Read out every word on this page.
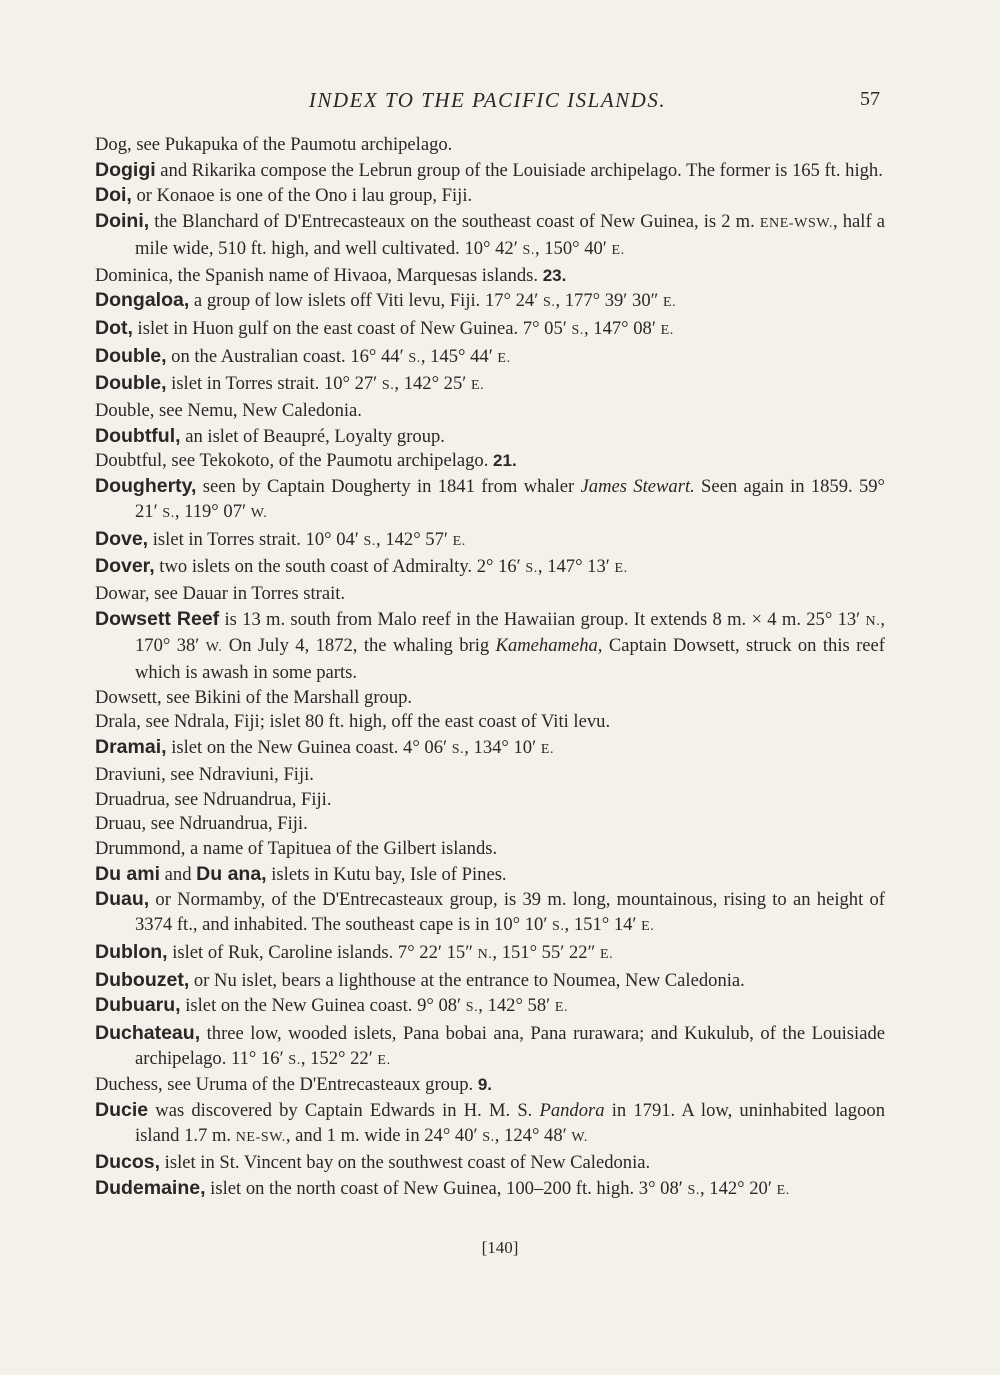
INDEX TO THE PACIFIC ISLANDS.	57

Dog, see Pukapuka of the Paumotu archipelago.

Dogigi and Rikarika compose the Lebrun group of the Louisiade archipelago. The former is 165 ft. high.

Doi, or Konaoe is one of the Ono i lau group, Fiji.

Doini, the Blanchard of D'Entrecasteaux on the southeast coast of New Guinea, is 2 m. ENE-WSW., half a mile wide, 510 ft. high, and well cultivated. 10° 42′ S., 150° 40′ E.

Dominica, the Spanish name of Hivaoa, Marquesas islands. 23.

Dongaloa, a group of low islets off Viti levu, Fiji. 17° 24′ S., 177° 39′ 30″ E.

Dot, islet in Huon gulf on the east coast of New Guinea. 7° 05′ S., 147° 08′ E.

Double, on the Australian coast. 16° 44′ S., 145° 44′ E.

Double, islet in Torres strait. 10° 27′ S., 142° 25′ E.

Double, see Nemu, New Caledonia.

Doubtful, an islet of Beaupré, Loyalty group.

Doubtful, see Tekokoto, of the Paumotu archipelago. 21.

Dougherty, seen by Captain Dougherty in 1841 from whaler James Stewart. Seen again in 1859. 59° 21′ S., 119° 07′ W.

Dove, islet in Torres strait. 10° 04′ S., 142° 57′ E.

Dover, two islets on the south coast of Admiralty. 2° 16′ S., 147° 13′ E.

Dowar, see Dauar in Torres strait.

Dowsett Reef is 13 m. south from Malo reef in the Hawaiian group. It extends 8 m. × 4 m. 25° 13′ N., 170° 38′ W. On July 4, 1872, the whaling brig Kamehameha, Captain Dowsett, struck on this reef which is awash in some parts.

Dowsett, see Bikini of the Marshall group.

Drala, see Ndrala, Fiji; islet 80 ft. high, off the east coast of Viti levu.

Dramai, islet on the New Guinea coast. 4° 06′ S., 134° 10′ E.

Draviuni, see Ndraviuni, Fiji.

Druadrua, see Ndruandrua, Fiji.

Druau, see Ndruandrua, Fiji.

Drummond, a name of Tapituea of the Gilbert islands.

Du ami and Du ana, islets in Kutu bay, Isle of Pines.

Duau, or Normamby, of the D'Entrecasteaux group, is 39 m. long, mountainous, rising to an height of 3374 ft., and inhabited. The southeast cape is in 10° 10′ S., 151° 14′ E.

Dublon, islet of Ruk, Caroline islands. 7° 22′ 15″ N., 151° 55′ 22″ E.

Dubouzet, or Nu islet, bears a lighthouse at the entrance to Noumea, New Caledonia.

Dubuaru, islet on the New Guinea coast. 9° 08′ S., 142° 58′ E.

Duchateau, three low, wooded islets, Pana bobai ana, Pana rurawara; and Kukulub, of the Louisiade archipelago. 11° 16′ S., 152° 22′ E.

Duchess, see Uruma of the D'Entrecasteaux group. 9.

Ducie was discovered by Captain Edwards in H. M. S. Pandora in 1791. A low, uninhabited lagoon island 1.7 m. NE-SW., and 1 m. wide in 24° 40′ S., 124° 48′ W.

Ducos, islet in St. Vincent bay on the southwest coast of New Caledonia.

Dudemaine, islet on the north coast of New Guinea, 100–200 ft. high. 3° 08′ S., 142° 20′ E.

[140]
